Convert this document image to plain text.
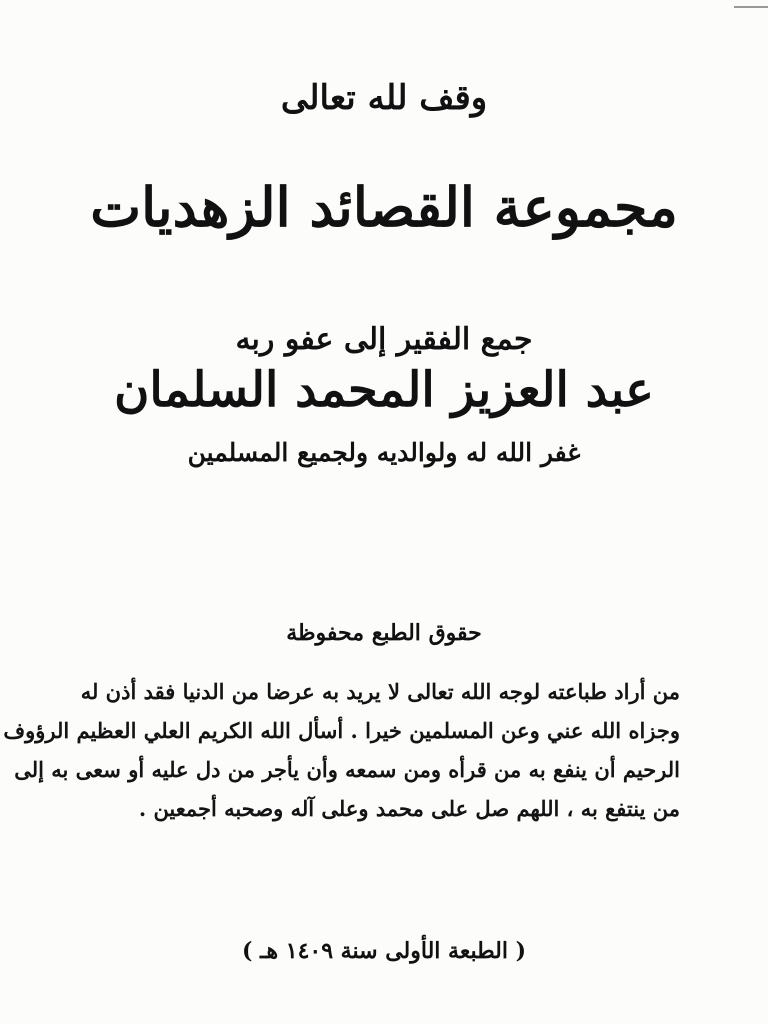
وقف لله تعالى
مجموعة القصائد الزهديات
جمع الفقير إلى عفو ربه
عبد العزيز المحمد السلمان
غفر الله له ولوالديه ولجميع المسلمين
حقوق الطبع محفوظة
من أراد طباعته لوجه الله تعالى لا يريد به عرضا من الدنيا فقد أذن له
وجزاه الله عني وعن المسلمين خيرا . أسأل الله الكريم العلي العظيم الرؤوف
الرحيم أن ينفع به من قرأه ومن سمعه وأن يأجر من دل عليه أو سعى به إلى
من ينتفع به ، اللهم صل على محمد وعلى آله وصحبه أجمعين .
( الطبعة الأولى سنة ١٤٠٩ هـ )
